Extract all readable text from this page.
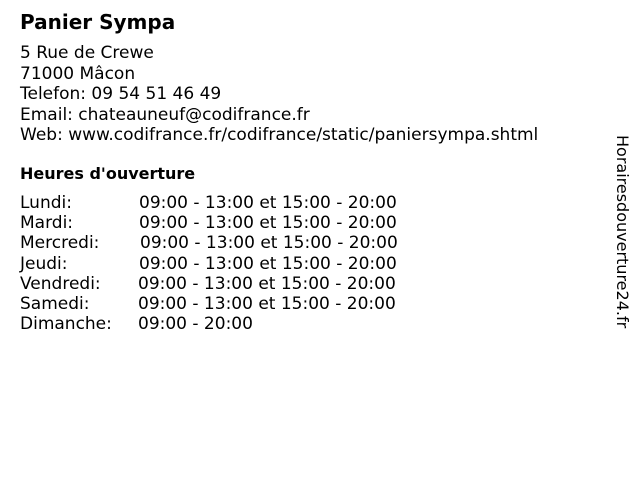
Panier Sympa
5 Rue de Crewe
71000 Mâcon
Telefon: 09 54 51 46 49
Email: chateauneuf@codifrance.fr
Web: www.codifrance.fr/codifrance/static/paniersympa.shtml
Heures d'ouverture
Lundi:	09:00 - 13:00 et 15:00 - 20:00
Mardi:	09:00 - 13:00 et 15:00 - 20:00
Mercredi: 09:00 - 13:00 et 15:00 - 20:00
Jeudi:	09:00 - 13:00 et 15:00 - 20:00
Vendredi: 09:00 - 13:00 et 15:00 - 20:00
Samedi:	09:00 - 13:00 et 15:00 - 20:00
Dimanche: 09:00 - 20:00	Horairesdouverture24.fr
